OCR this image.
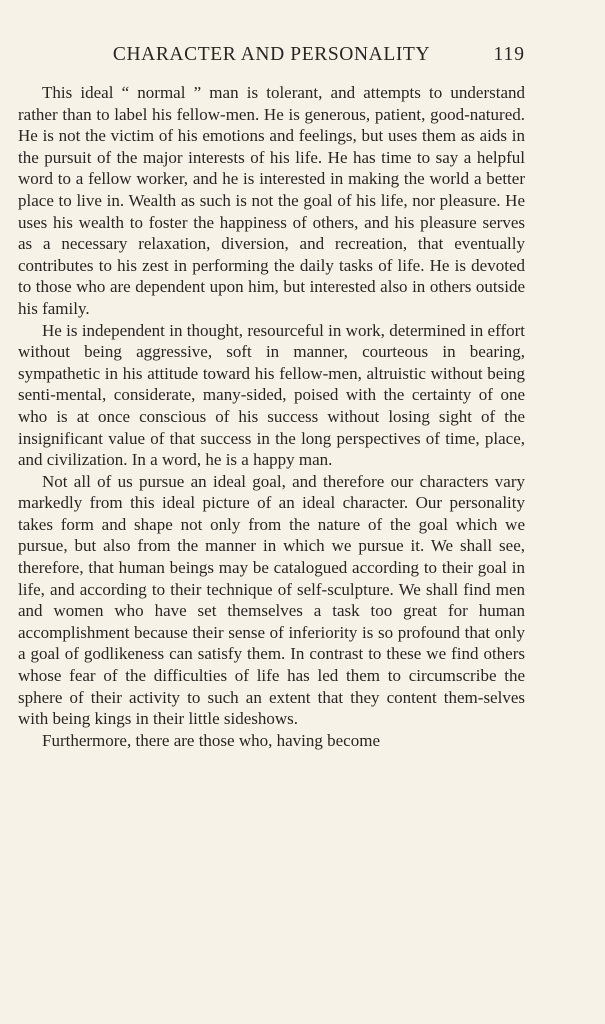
CHARACTER AND PERSONALITY	119

This ideal “ normal ” man is tolerant, and attempts to understand rather than to label his fellow-men. He is generous, patient, good-natured. He is not the victim of his emotions and feelings, but uses them as aids in the pursuit of the major interests of his life. He has time to say a helpful word to a fellow worker, and he is interested in making the world a better place to live in. Wealth as such is not the goal of his life, nor pleasure. He uses his wealth to foster the happiness of others, and his pleasure serves as a necessary relaxation, diversion, and recreation, that eventually contributes to his zest in performing the daily tasks of life. He is devoted to those who are dependent upon him, but interested also in others outside his family.

He is independent in thought, resourceful in work, determined in effort without being aggressive, soft in manner, courteous in bearing, sympathetic in his attitude toward his fellow-men, altruistic without being senti-mental, considerate, many-sided, poised with the certainty of one who is at once conscious of his success without losing sight of the insignificant value of that success in the long perspectives of time, place, and civilization. In a word, he is a happy man.

Not all of us pursue an ideal goal, and therefore our characters vary markedly from this ideal picture of an ideal character. Our personality takes form and shape not only from the nature of the goal which we pursue, but also from the manner in which we pursue it. We shall see, therefore, that human beings may be catalogued according to their goal in life, and according to their technique of self-sculpture. We shall find men and women who have set themselves a task too great for human accomplishment because their sense of inferiority is so profound that only a goal of godlikeness can satisfy them. In contrast to these we find others whose fear of the difficulties of life has led them to circumscribe the sphere of their activity to such an extent that they content them-selves with being kings in their little sideshows.

Furthermore, there are those who, having become
